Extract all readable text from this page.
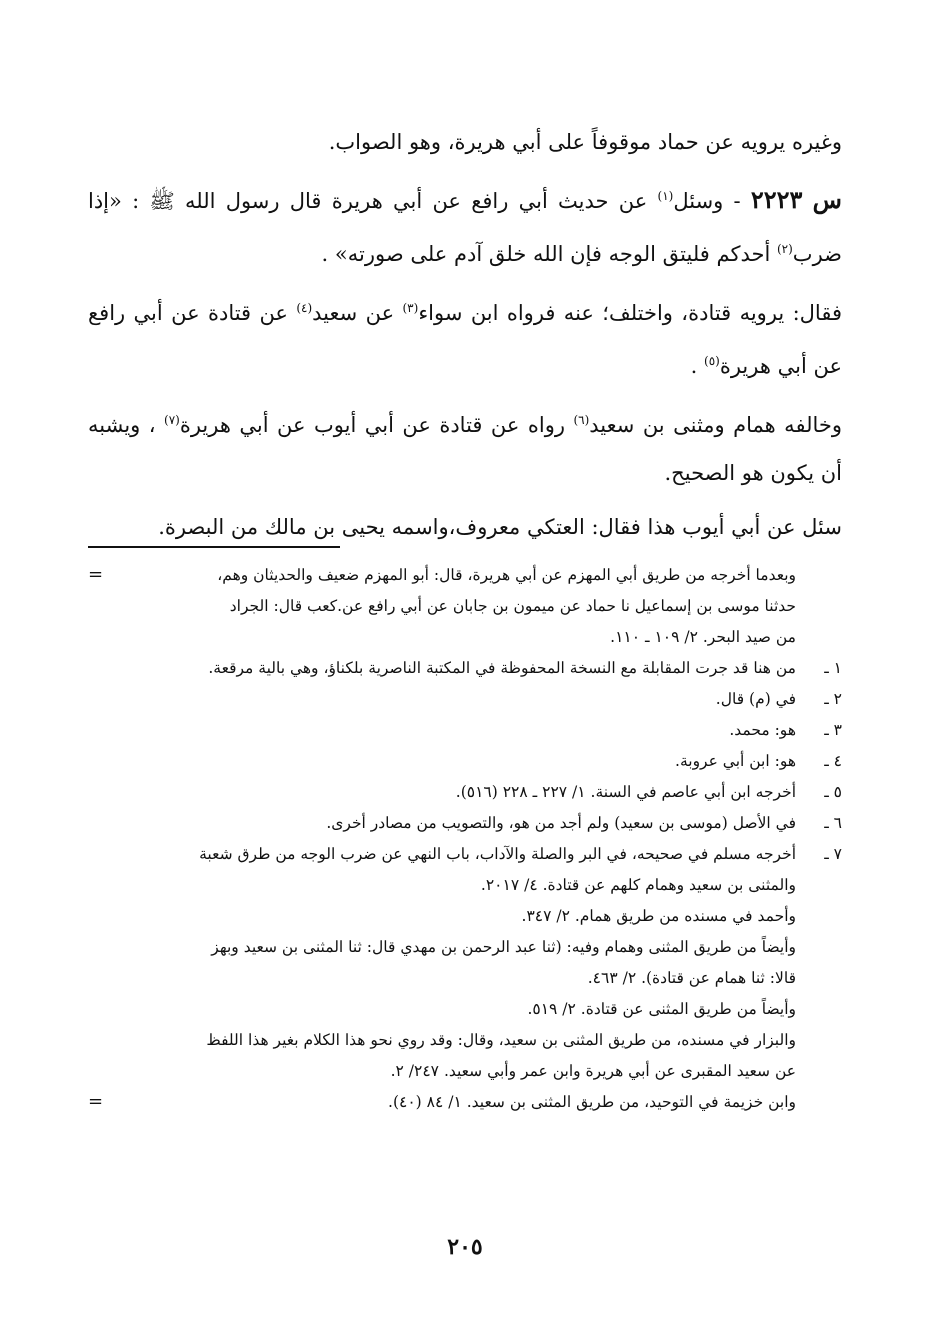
وغيره يرويه عن حماد موقوفاً على أبي هريرة، وهو الصواب.

س ٢٢٢٣ - وسئل$^{(١)}$ عن حديث أبي رافع عن أبي هريرة قال رسول الله ﷺ : «إذا ضرب$^{(٢)}$ أحدكم فليتق الوجه فإن الله خلق آدم على صورته» .

فقال: يرويه قتادة، واختلف؛ عنه فرواه ابن سواء$^{(٣)}$ عن سعيد$^{(٤)}$ عن قتادة عن أبي رافع عن أبي هريرة$^{(٥)}$ .

وخالفه همام ومثنى بن سعيد$^{(٦)}$ رواه عن قتادة عن أبي أيوب عن أبي هريرة$^{(٧)}$ ، ويشبه أن يكون هو الصحيح.

سئل عن أبي أيوب هذا فقال: العتكي معروف،واسمه يحيى بن مالك من البصرة.

=	وبعدما أخرجه من طريق أبي المهزم عن أبي هريرة، قال: أبو المهزم ضعيف والحديثان وهم،
حدثنا موسى بن إسماعيل نا حماد عن ميمون بن جابان عن أبي رافع عن.كعب قال: الجراد
من صيد البحر. ٢/ ١٠٩ ـ ١١٠.
١ ـ
من هنا قد جرت المقابلة مع النسخة المحفوظة في المكتبة الناصرية بلكناؤ، وهي بالية مرقعة.
٢ ـ
في (م) قال.
٣ ـ
هو: محمد.
٤ ـ
هو: ابن أبي عروبة.
٥ ـ
أخرجه ابن أبي عاصم في السنة. ١/ ٢٢٧ ـ ٢٢٨ (٥١٦).
٦ ـ
في الأصل (موسى بن سعيد) ولم أجد من هو، والتصويب من مصادر أخرى.
٧ ـ
أخرجه مسلم في صحيحه، في البر والصلة والآداب، باب النهي عن ضرب الوجه من طرق شعبة
والمثنى بن سعيد وهمام كلهم عن قتادة. ٤/ ٢٠١٧.
وأحمد في مسنده من طريق همام. ٢/ ٣٤٧.
وأيضاً من طريق المثنى وهمام وفيه: (ثنا عبد الرحمن بن مهدي قال: ثنا المثنى بن سعيد وبهز
قالا: ثنا همام عن قتادة). ٢/ ٤٦٣.
وأيضاً من طريق المثنى عن قتادة. ٢/ ٥١٩.
والبزار في مسنده، من طريق المثنى بن سعيد، وقال: وقد روي نحو هذا الكلام بغير هذا اللفظ
عن سعيد المقبرى عن أبي هريرة وابن عمر وأبي سعيد. ٢٤٧/ ٢.
=	وابن خزيمة في التوحيد، من طريق المثنى بن سعيد. ١/ ٨٤ (٤٠).
٢٠٥
